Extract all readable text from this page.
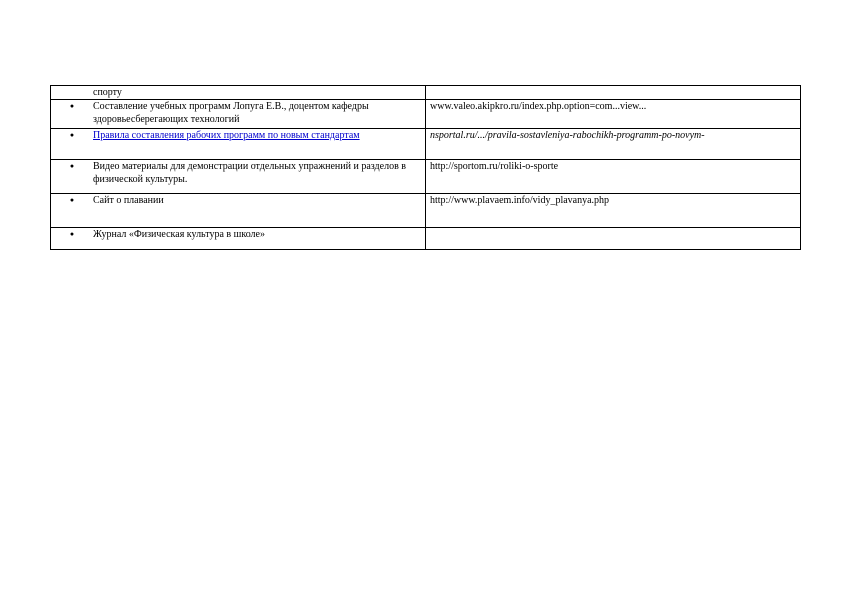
спорту	

● Составление учебных программ Лопуга Е.В., доцентом кафедры здоровьесберегающих технологий	www.valeo.akipkro.ru/index.php.option=com...view...

● Правила составления рабочих программ по новым стандартам	nsportal.ru/.../pravila-sostavleniya-rabochikh-programm-po-novym-

● Видео материалы для демонстрации отдельных упражнений и разделов в физической культуры.	http://sportom.ru/roliki-o-sporte

● Сайт о плавании	http://www.plavaem.info/vidy_plavanya.php

● Журнал «Физическая культура в школе»	
